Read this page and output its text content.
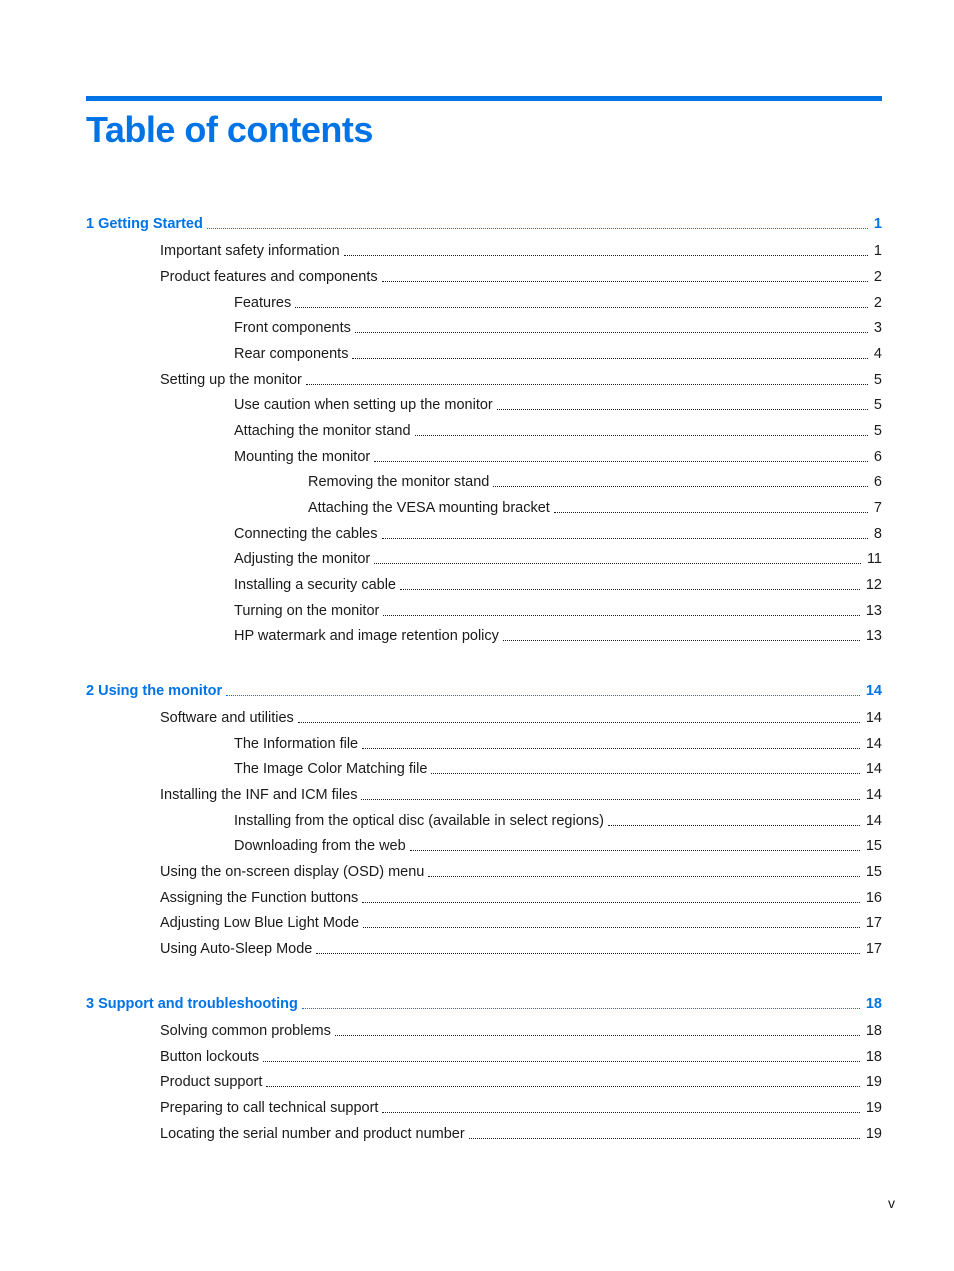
Table of contents
1 Getting Started	1
Important safety information	1
Product features and components	2
Features	2
Front components	3
Rear components	4
Setting up the monitor	5
Use caution when setting up the monitor	5
Attaching the monitor stand	5
Mounting the monitor	6
Removing the monitor stand	6
Attaching the VESA mounting bracket	7
Connecting the cables	8
Adjusting the monitor	11
Installing a security cable	12
Turning on the monitor	13
HP watermark and image retention policy	13
2 Using the monitor	14
Software and utilities	14
The Information file	14
The Image Color Matching file	14
Installing the INF and ICM files	14
Installing from the optical disc (available in select regions)	14
Downloading from the web	15
Using the on-screen display (OSD) menu	15
Assigning the Function buttons	16
Adjusting Low Blue Light Mode	17
Using Auto-Sleep Mode	17
3 Support and troubleshooting	18
Solving common problems	18
Button lockouts	18
Product support	19
Preparing to call technical support	19
Locating the serial number and product number	19
v
